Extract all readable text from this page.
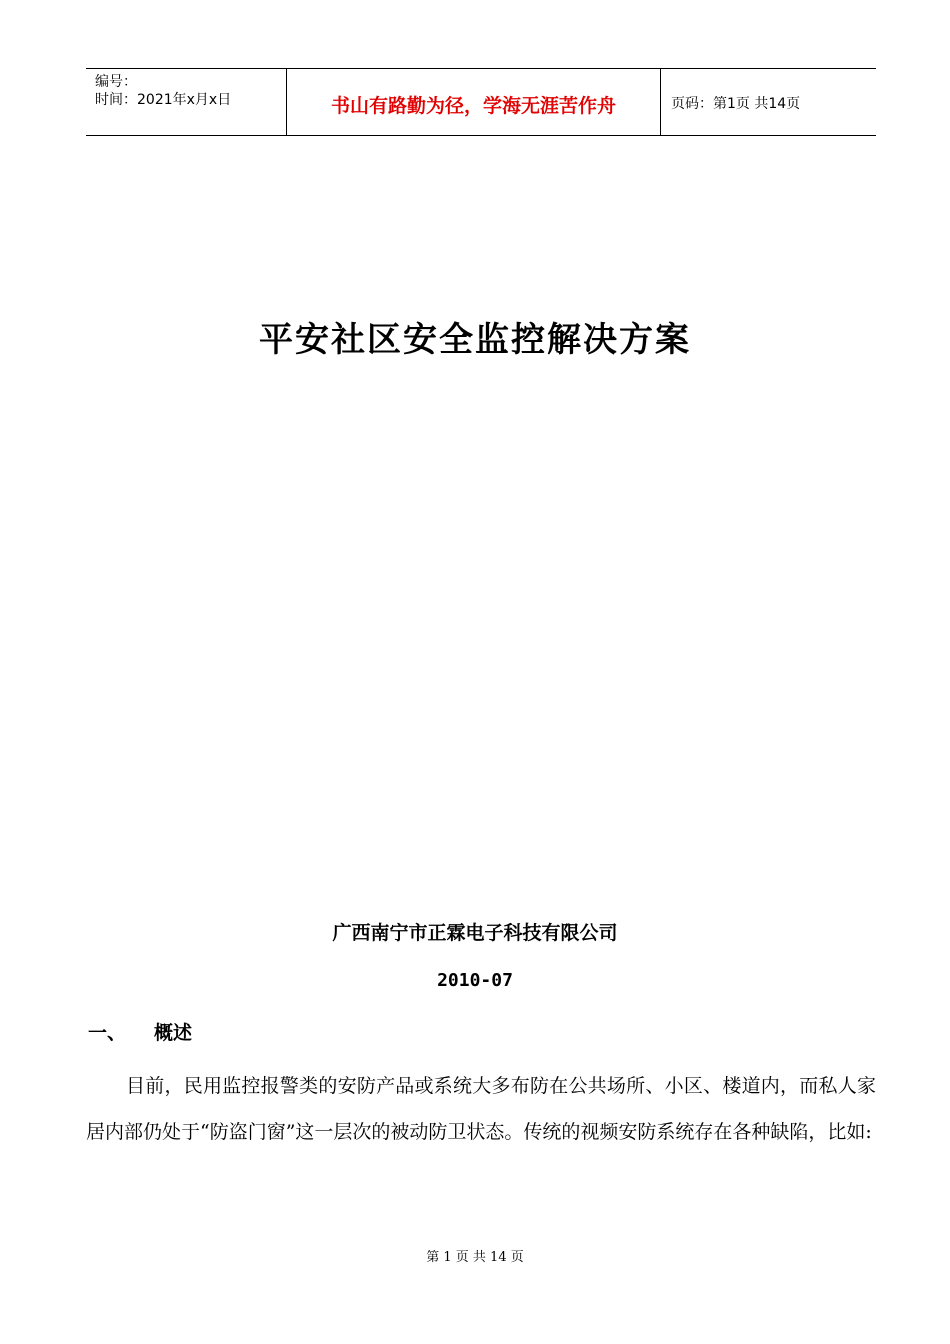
编号：
时间：2021年x月x日	书山有路勤为径，学海无涯苦作舟	页码：第1页 共14页
平安社区安全监控解决方案
广西南宁市正霖电子科技有限公司
2010-07
一、	概述

目前，民用监控报警类的安防产品或系统大多布防在公共场所、小区、楼道内，而私人家居内部仍处于“防盗门窗”这一层次的被动防卫状态。传统的视频安防系统存在各种缺陷，比如:

第 1 页 共 14 页
